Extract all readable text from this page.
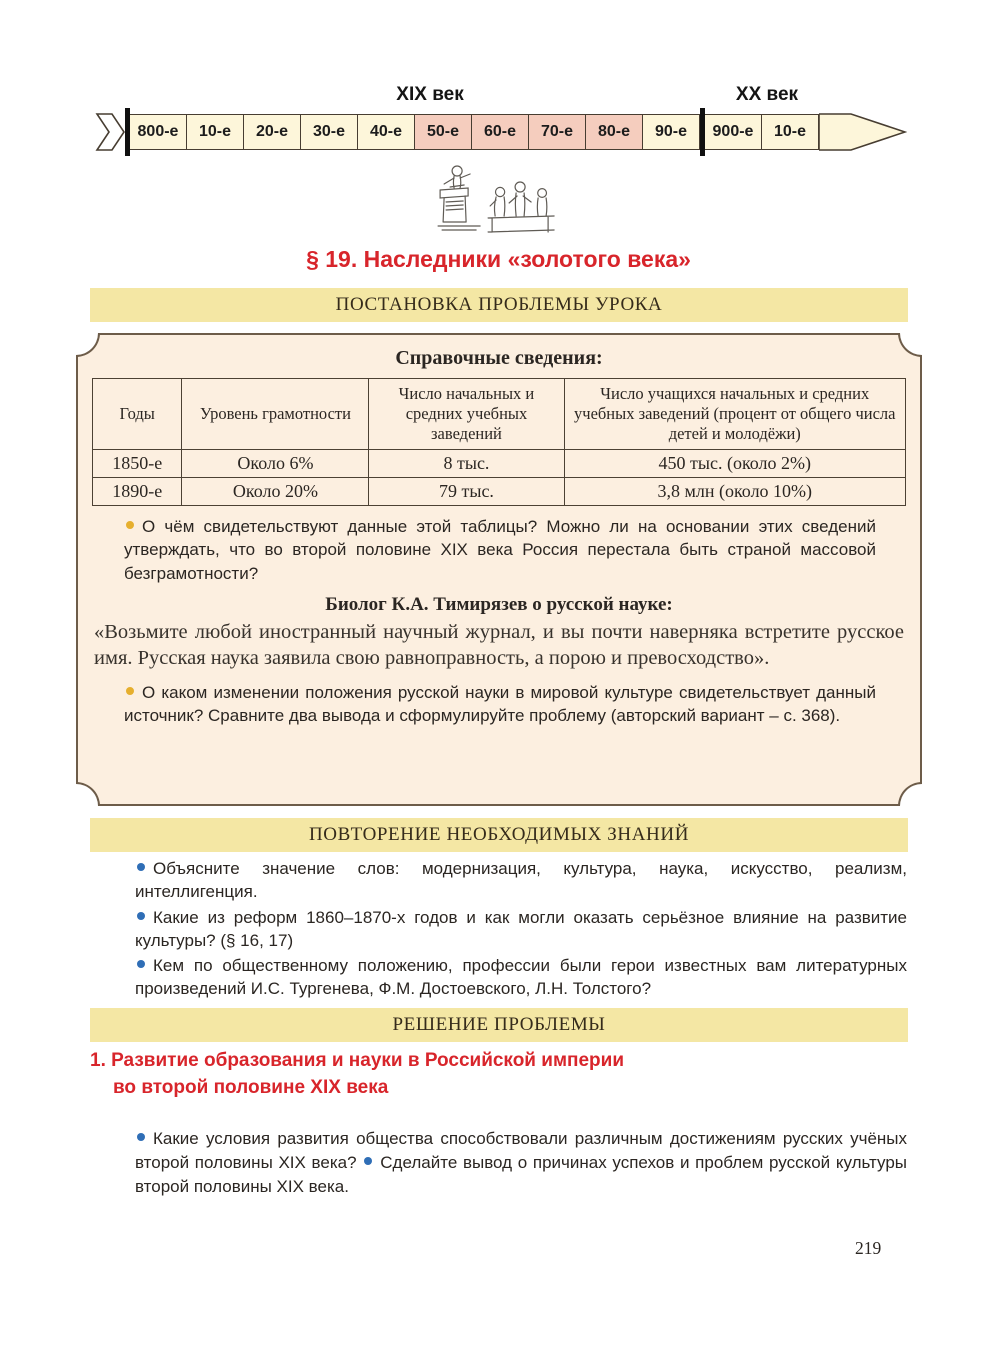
XIX век	XX век
800-е	10-е	20-е	30-е	40-е	50-е	60-е	70-е	80-е	90-е	900-е	10-е
§ 19. Наследники «золотого века»
ПОСТАНОВКА ПРОБЛЕМЫ УРОКА
Справочные сведения:
Годы	Уровень грамотности	Число начальных и средних учебных заведений	Число учащихся начальных и средних учебных заведений (процент от общего числа детей и молодёжи)
1850-е	Около 6%	8 тыс.	450 тыс. (около 2%)
1890-е	Около 20%	79 тыс.	3,8 млн (около 10%)

О чём свидетельствуют данные этой таблицы? Можно ли на основании этих сведений утверждать, что во второй половине XIX века Россия перестала быть страной массовой безграмотности?

Биолог К.А. Тимирязев о русской науке:
«Возьмите любой иностранный научный журнал, и вы почти наверняка встретите русское имя. Русская наука заявила свою равноправность, а порою и превосходство».

О каком изменении положения русской науки в мировой культуре свидетельствует данный источник? Сравните два вывода и сформулируйте проблему (авторский вариант – с. 368).

ПОВТОРЕНИЕ НЕОБХОДИМЫХ ЗНАНИЙ

Объясните значение слов: модернизация, культура, наука, искусство, реализм, интеллигенция.

Какие из реформ 1860–1870-х годов и как могли оказать серьёзное влияние на развитие культуры? (§ 16, 17)

Кем по общественному положению, профессии были герои известных вам литературных произведений И.С. Тургенева, Ф.М. Достоевского, Л.Н. Толстого?

РЕШЕНИЕ ПРОБЛЕМЫ
1. Развитие образования и науки в Российской империи
во второй половине XIX века

Какие условия развития общества способствовали различным достижениям русских учёных второй половины XIX века? Сделайте вывод о причинах успехов и проблем русской культуры второй половины XIX века.

219
